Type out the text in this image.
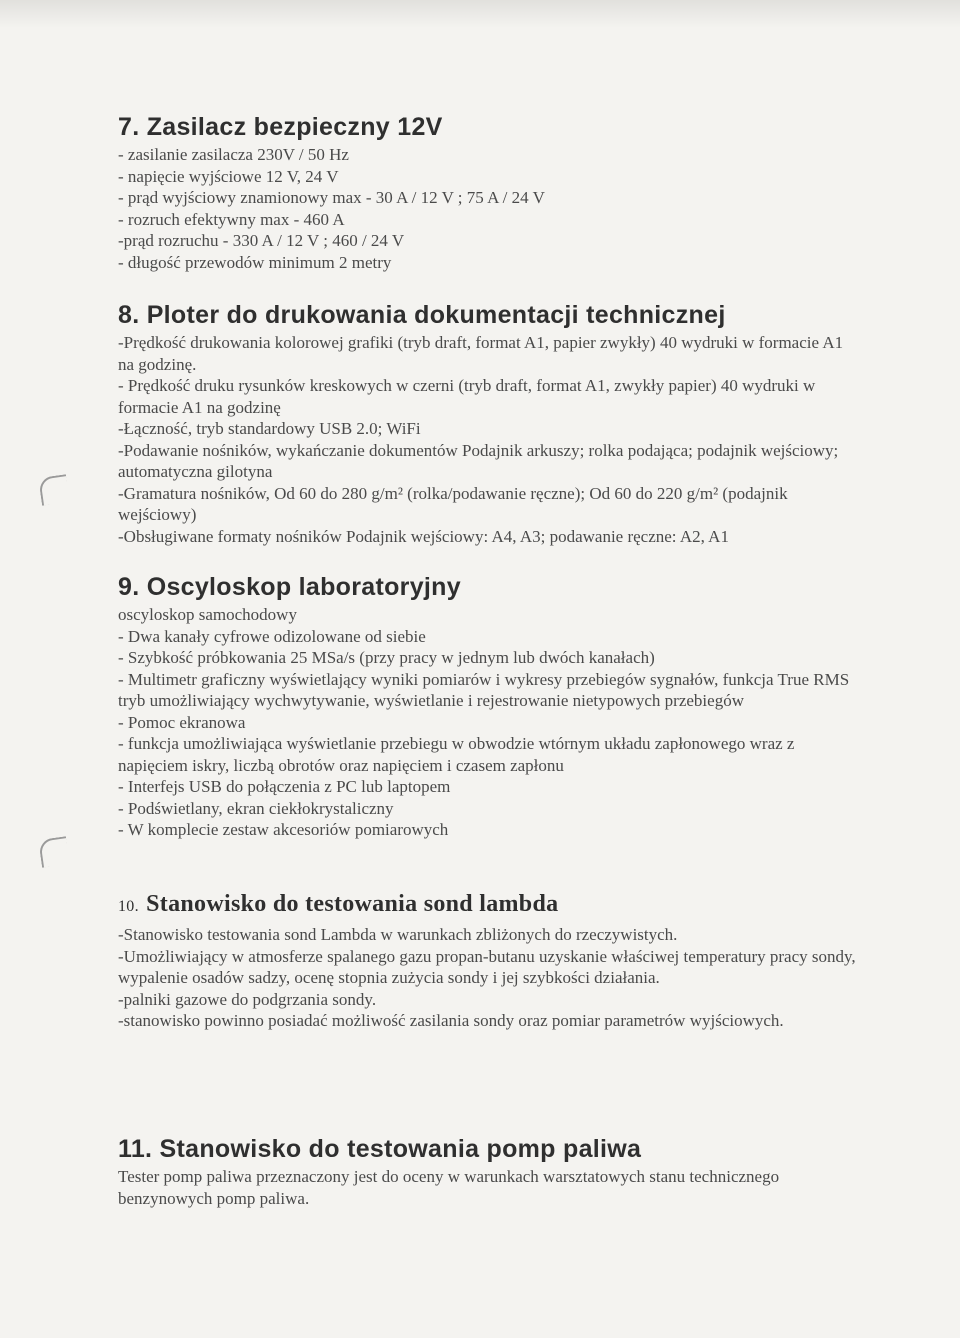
7. Zasilacz bezpieczny 12V
- zasilanie zasilacza 230V / 50 Hz
- napięcie wyjściowe 12 V, 24 V
- prąd wyjściowy znamionowy max - 30 A / 12 V ; 75 A / 24 V
- rozruch efektywny max - 460 A
-prąd rozruchu - 330 A / 12 V ; 460 / 24 V
- długość przewodów minimum 2 metry
8. Ploter do drukowania dokumentacji technicznej
-Prędkość drukowania kolorowej grafiki (tryb draft, format A1, papier zwykły) 40 wydruki w formacie A1 na godzinę.
- Prędkość druku rysunków kreskowych w czerni (tryb draft, format A1, zwykły papier) 40 wydruki w formacie A1 na godzinę
-Łączność, tryb standardowy USB 2.0; WiFi
-Podawanie nośników, wykańczanie dokumentów Podajnik arkuszy; rolka podająca; podajnik wejściowy; automatyczna gilotyna
-Gramatura nośników, Od 60 do 280 g/m² (rolka/podawanie ręczne); Od 60 do 220 g/m² (podajnik wejściowy)
-Obsługiwane formaty nośników Podajnik wejściowy: A4, A3; podawanie ręczne: A2, A1
9. Oscyloskop laboratoryjny
oscyloskop samochodowy
- Dwa kanały cyfrowe odizolowane od siebie
- Szybkość próbkowania 25 MSa/s (przy pracy w jednym lub dwóch kanałach)
- Multimetr graficzny wyświetlający wyniki pomiarów i wykresy przebiegów sygnałów, funkcja True RMS
tryb umożliwiający wychwytywanie, wyświetlanie i rejestrowanie nietypowych przebiegów
- Pomoc ekranowa
- funkcja umożliwiająca wyświetlanie przebiegu w obwodzie wtórnym układu zapłonowego wraz z napięciem iskry, liczbą obrotów oraz napięciem i czasem zapłonu
- Interfejs USB do połączenia z PC lub laptopem
- Podświetlany, ekran ciekłokrystaliczny
- W komplecie zestaw akcesoriów pomiarowych
10. Stanowisko do testowania sond lambda
-Stanowisko testowania sond Lambda w warunkach zbliżonych do rzeczywistych.
-Umożliwiający w atmosferze spalanego gazu propan-butanu uzyskanie właściwej temperatury pracy sondy, wypalenie osadów sadzy, ocenę stopnia zużycia sondy i jej szybkości działania.
-palniki gazowe do podgrzania sondy.
-stanowisko powinno posiadać możliwość zasilania sondy oraz pomiar parametrów wyjściowych.
11. Stanowisko do testowania pomp paliwa
Tester pomp paliwa przeznaczony jest do oceny w warunkach warsztatowych stanu technicznego benzynowych pomp paliwa.
